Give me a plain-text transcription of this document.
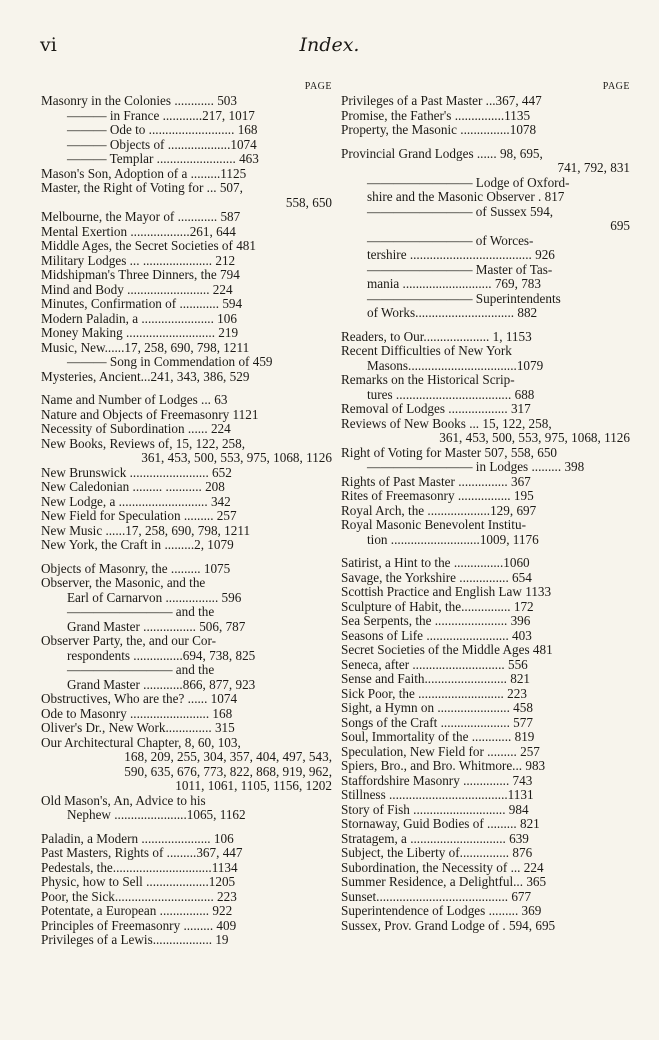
vi	Index.
PAGE
Masonry in the Colonies ............ 503
——— in France ............217, 1017
——— Ode to .......................... 168
——— Objects of ...................1074
——— Templar ........................ 463
Mason's Son, Adoption of a .........1125
Master, the Right of Voting for ... 507,
558, 650
Melbourne, the Mayor of ............ 587
Mental Exertion ..................261, 644
Middle Ages, the Secret Societies of 481
Military Lodges ... ..................... 212
Midshipman's Three Dinners, the 794
Mind and Body ......................... 224
Minutes, Confirmation of ............ 594
Modern Paladin, a ...................... 106
Money Making ........................... 219
Music, New......17, 258, 690, 798, 1211
——— Song in Commendation of 459
Mysteries, Ancient...241, 343, 386, 529
Name and Number of Lodges ... 63
Nature and Objects of Freemasonry 1121
Necessity of Subordination ...... 224
New Books, Reviews of, 15, 122, 258,
361, 453, 500, 553, 975, 1068, 1126
New Brunswick ........................ 652
New Caledonian ......... ........... 208
New Lodge, a ........................... 342
New Field for Speculation ......... 257
New Music ......17, 258, 690, 798, 1211
New York, the Craft in .........2, 1079
Objects of Masonry, the ......... 1075
Observer, the Masonic, and the
Earl of Carnarvon ................ 596
———————— and the
Grand Master ................ 506, 787
Observer Party, the, and our Cor-
respondents ...............694, 738, 825
———————— and the
Grand Master ............866, 877, 923
Obstructives, Who are the? ...... 1074
Ode to Masonry ........................ 168
Oliver's Dr., New Work.............. 315
Our Architectural Chapter, 8, 60, 103,
168, 209, 255, 304, 357, 404, 497, 543,
590, 635, 676, 773, 822, 868, 919, 962,
1011, 1061, 1105, 1156, 1202
Old Mason's, An, Advice to his
Nephew ......................1065, 1162
Paladin, a Modern ..................... 106
Past Masters, Rights of .........367, 447
Pedestals, the..............................1134
Physic, how to Sell ...................1205
Poor, the Sick.............................. 223
Potentate, a European ............... 922
Principles of Freemasonry ......... 409
Privileges of a Lewis.................. 19
PAGE
Privileges of a Past Master ...367, 447
Promise, the Father's ...............1135
Property, the Masonic ...............1078
Provincial Grand Lodges ...... 98, 695,
741, 792, 831
———————— Lodge of Oxford-
shire and the Masonic Observer . 817
———————— of Sussex 594,
695
———————— of Worces-
tershire ..................................... 926
———————— Master of Tas-
mania ........................... 769, 783
———————— Superintendents
of Works.............................. 882
Readers, to Our.................... 1, 1153
Recent Difficulties of New York
Masons.................................1079
Remarks on the Historical Scrip-
tures ................................... 688
Removal of Lodges .................. 317
Reviews of New Books ... 15, 122, 258,
361, 453, 500, 553, 975, 1068, 1126
Right of Voting for Master 507, 558, 650
———————— in Lodges ......... 398
Rights of Past Master ............... 367
Rites of Freemasonry ................ 195
Royal Arch, the ...................129, 697
Royal Masonic Benevolent Institu-
tion ...........................1009, 1176
Satirist, a Hint to the ...............1060
Savage, the Yorkshire ............... 654
Scottish Practice and English Law 1133
Sculpture of Habit, the............... 172
Sea Serpents, the ...................... 396
Seasons of Life ......................... 403
Secret Societies of the Middle Ages 481
Seneca, after ............................ 556
Sense and Faith......................... 821
Sick Poor, the .......................... 223
Sight, a Hymn on ...................... 458
Songs of the Craft ..................... 577
Soul, Immortality of the ............ 819
Speculation, New Field for ......... 257
Spiers, Bro., and Bro. Whitmore... 983
Staffordshire Masonry .............. 743
Stillness ....................................1131
Story of Fish ............................ 984
Stornaway, Guid Bodies of ......... 821
Stratagem, a ............................. 639
Subject, the Liberty of............... 876
Subordination, the Necessity of ... 224
Summer Residence, a Delightful... 365
Sunset........................................ 677
Superintendence of Lodges ......... 369
Sussex, Prov. Grand Lodge of . 594, 695
